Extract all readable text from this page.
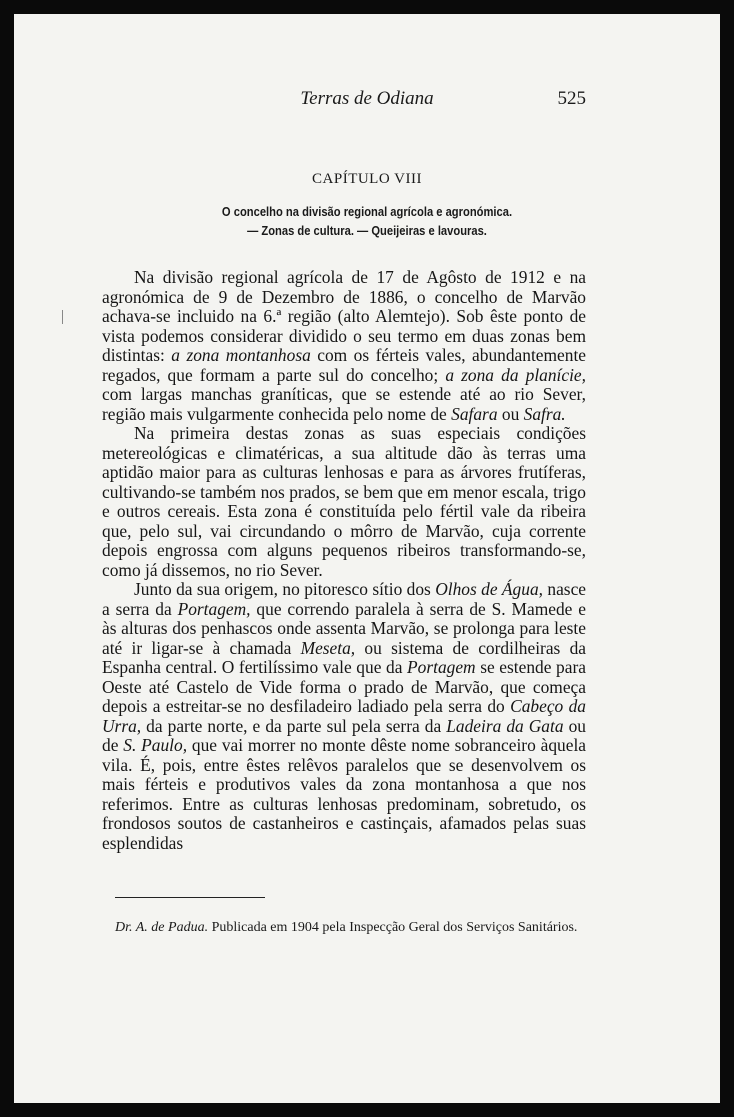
Terras de Odiana	525
CAPÍTULO VIII
O concelho na divisão regional agrícola e agronómica.
— Zonas de cultura. — Queijeiras e lavouras.

Na divisão regional agrícola de 17 de Agôsto de 1912 e na agronómica de 9 de Dezembro de 1886, o concelho de Marvão achava-se incluido na 6.ª região (alto Alemtejo). Sob êste ponto de vista podemos considerar dividido o seu termo em duas zonas bem distintas: a zona montanhosa com os férteis vales, abundantemente regados, que formam a parte sul do concelho; a zona da planície, com largas manchas graníticas, que se estende até ao rio Sever, região mais vulgarmente conhecida pelo nome de Safara ou Safra.

Na primeira destas zonas as suas especiais condições metereológicas e climatéricas, a sua altitude dão às terras uma aptidão maior para as culturas lenhosas e para as árvores frutíferas, cultivando-se também nos prados, se bem que em menor escala, trigo e outros cereais. Esta zona é constituída pelo fértil vale da ribeira que, pelo sul, vai circundando o môrro de Marvão, cuja corrente depois engrossa com alguns pequenos ribeiros transformando-se, como já dissemos, no rio Sever.

Junto da sua origem, no pitoresco sítio dos Olhos de Água, nasce a serra da Portagem, que correndo paralela à serra de S. Mamede e às alturas dos penhascos onde assenta Marvão, se prolonga para leste até ir ligar-se à chamada Meseta, ou sistema de cordilheiras da Espanha central. O fertilíssimo vale que da Portagem se estende para Oeste até Castelo de Vide forma o prado de Marvão, que começa depois a estreitar-se no desfiladeiro ladiado pela serra do Cabeço da Urra, da parte norte, e da parte sul pela serra da Ladeira da Gata ou de S. Paulo, que vai morrer no monte dêste nome sobranceiro àquela vila. É, pois, entre êstes relêvos paralelos que se desenvolvem os mais férteis e produtivos vales da zona montanhosa a que nos referimos. Entre as culturas lenhosas predominam, sobretudo, os frondosos soutos de castanheiros e castinçais, afamados pelas suas esplendidas

Dr. A. de Padua. Publicada em 1904 pela Inspecção Geral dos Serviços Sanitários.
